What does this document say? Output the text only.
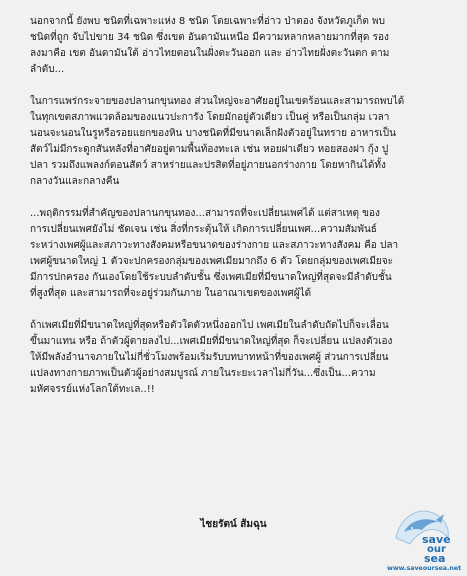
นอกจากนี้ ยังพบ ชนิดที่เฉพาะแห่ง 8 ชนิด โดยเฉพาะที่อ่าว ป่าตอง จังหวัดภูเก็ต พบ
ชนิดที่ถูก จับไปขาย 34 ชนิด ซึ่งเขต อันดามันเหนือ มีความหลากหลายมากที่สุด รอง
ลงมาคือ เขต อันดามันใต้ อ่าวไทยตอนในฝั่งตะวันออก และ อ่าวไทยฝั่งตะวันตก ตาม
ลำดับ...

ในการแพร่กระจายของปลานกขุนทอง ส่วนใหญ่จะอาศัยอยู่ในเขตร้อนและสามารถพบได้
ในทุกเขตสภาพแวดล้อมของแนวปะการัง โดยมักอยู่ตัวเดียว เป็นคู่ หรือเป็นกลุ่ม เวลา
นอนจะนอนในรูหรือรอยแยกของหิน บางชนิดที่มีขนาดเล็กฝังตัวอยู่ในทราย อาหารเป็น
สัตว์ไม่มีกระดูกสันหลังที่อาศัยอยู่ตามพื้นท้องทะเล เช่น หอยฝาเดียว หอยสองฝา กุ้ง ปู
ปลา รวมถึงแพลงก์ตอนสัตว์ สาหร่ายและปรสิตที่อยู่ภายนอกร่างกาย โดยหากินได้ทั้ง
กลางวันและกลางคืน

...พฤติกรรมที่สำคัญของปลานกขุนทอง...สามารถที่จะเปลี่ยนเพศได้ แต่สาเหตุ ของ
การเปลี่ยนเพศยังไม่ ชัดเจน เช่น สิ่งที่กระตุ้นให้ เกิดการเปลี่ยนเพศ...ความสัมพันธ์
ระหว่างเพศผู้และสภาวะทางสังคมหรือขนาดของร่างกาย และสภาวะทางสังคม คือ ปลา
เพศผู้ขนาดใหญ่ 1 ตัวจะปกครองกลุ่มของเพศเมียมากถึง 6 ตัว โดยกลุ่มของเพศเมียจะ
มีการปกครอง กันเองโดยใช้ระบบลำดับชั้น ซึ่งเพศเมียที่มีขนาดใหญ่ที่สุดจะมีลำดับชั้น
ที่สูงที่สุด และสามารถที่จะอยู่ร่วมกันภาย ในอาณาเขตของเพศผู้ได้

ถ้าเพศเมียที่มีขนาดใหญ่ที่สุดหรือตัวใดตัวหนึ่งออกไป เพศเมียในลำดับถัดไปก็จะเลื่อน
ขึ้นมาแทน หรือ ถ้าตัวผู้ตายลงไป...เพศเมียที่มีขนาดใหญ่ที่สุด ก็จะเปลี่ยน แปลงตัวเอง
ให้มีพลังอำนาจภายในไม่กี่ชั่วโมงพร้อมเริ่มรับบทบาทหน้าที่ของเพศผู้ ส่วนการเปลี่ยน
แปลงทางกายภาพเป็นตัวผู้อย่างสมบูรณ์ ภายในระยะเวลาไม่กี่วัน...ซึ่งเป็น...ความ
มหัศจรรย์แห่งโลกใต้ทะเล..!!

ไชยรัตน์ ส้มฉุน
save
our
sea
www.saveoursea.net
